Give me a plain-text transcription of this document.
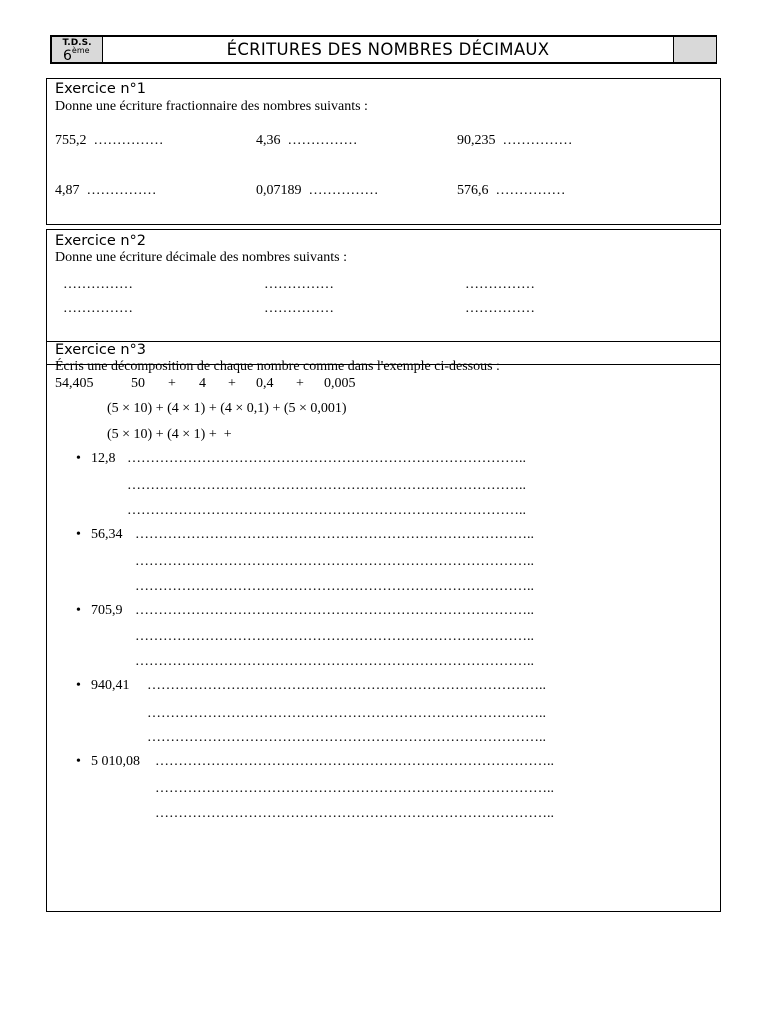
T.D.S.
6ème	ÉCRITURES DES NOMBRES DÉCIMAUX
Exercice n°1
Donne une écriture fractionnaire des nombres suivants :
755,2  ……………	4,36  ……………	90,235  ……………
4,87  ……………	0,07189  ……………	576,6  ……………
Exercice n°2
Donne une écriture décimale des nombres suivants :
……………	……………	……………
……………	……………	……………
Exercice n°3
Écris une décomposition de chaque nombre comme dans l'exemple ci-dessous :
54,405	50 + 4 + 0,4 + 0,005
(5 × 10) + (4 × 1) + (4 × 0,1) + (5 × 0,001)
(5 × 10) + (4 × 1) +  +
• 12,8 …………………………………………………………………………..
…………………………………………………………………………..
…………………………………………………………………………..
• 56,34 …………………………………………………………………………..
…………………………………………………………………………..
…………………………………………………………………………..
• 705,9 …………………………………………………………………………..
…………………………………………………………………………..
…………………………………………………………………………..
• 940,41 …………………………………………………………………………..
…………………………………………………………………………..
…………………………………………………………………………..
• 5 010,08 …………………………………………………………………………..
…………………………………………………………………………..
…………………………………………………………………………..
